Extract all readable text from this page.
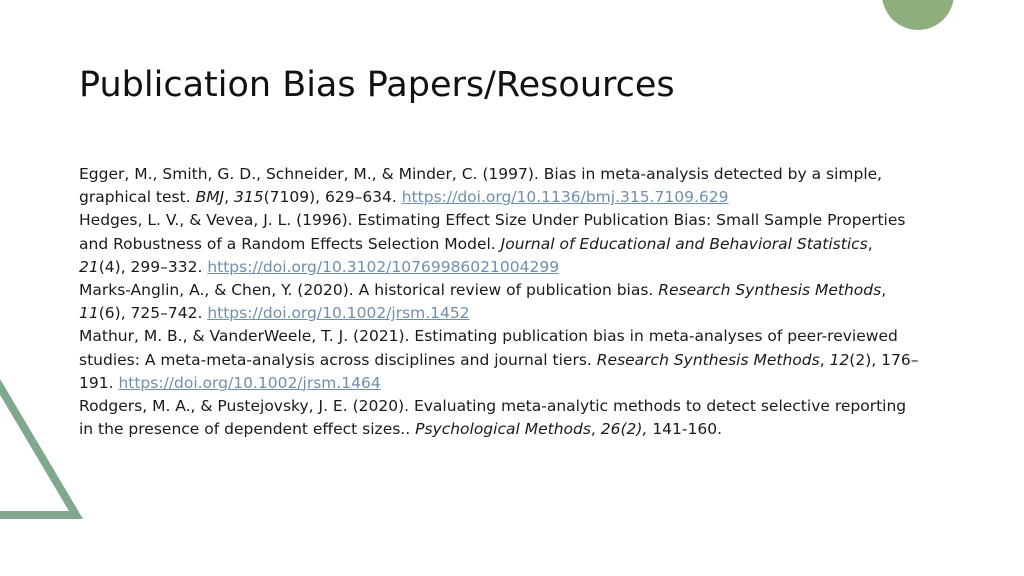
Publication Bias Papers/Resources

Egger, M., Smith, G. D., Schneider, M., & Minder, C. (1997). Bias in meta-analysis detected by a simple, graphical test. BMJ, 315(7109), 629–634. https://doi.org/10.1136/bmj.315.7109.629

Hedges, L. V., & Vevea, J. L. (1996). Estimating Effect Size Under Publication Bias: Small Sample Properties and Robustness of a Random Effects Selection Model. Journal of Educational and Behavioral Statistics, 21(4), 299–332. https://doi.org/10.3102/10769986021004299

Marks-Anglin, A., & Chen, Y. (2020). A historical review of publication bias. Research Synthesis Methods, 11(6), 725–742. https://doi.org/10.1002/jrsm.1452

Mathur, M. B., & VanderWeele, T. J. (2021). Estimating publication bias in meta-analyses of peer-reviewed studies: A meta-meta-analysis across disciplines and journal tiers. Research Synthesis Methods, 12(2), 176–191. https://doi.org/10.1002/jrsm.1464

Rodgers, M. A., & Pustejovsky, J. E. (2020). Evaluating meta-analytic methods to detect selective reporting in the presence of dependent effect sizes.. Psychological Methods, 26(2), 141-160.
